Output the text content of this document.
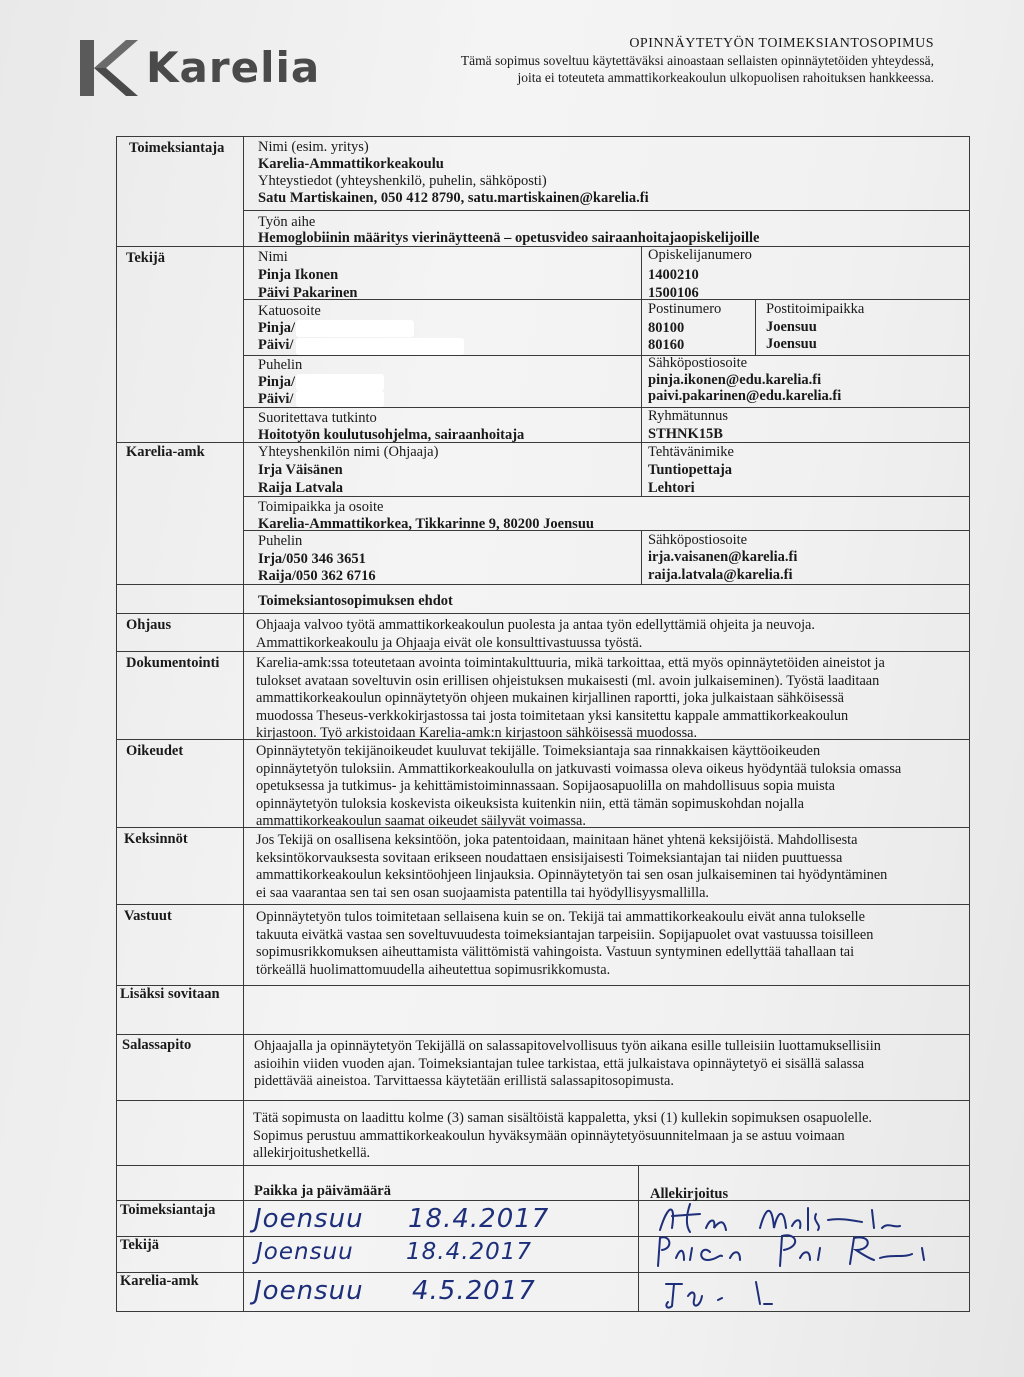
Karelia	OPINNÄYTETYÖN TOIMEKSIANTOSOPIMUS
Tämä sopimus soveltuu käytettäväksi ainoastaan sellaisten opinnäytetöiden yhteydessä,
joita ei toteuteta ammattikorkeakoulun ulkopuolisen rahoituksen hankkeessa.
Toimeksiantaja
Tekijä
Karelia-amk
Ohjaus
Dokumentointi
Oikeudet
Keksinnöt
Vastuut
Lisäksi sovitaan
Salassapito
Nimi (esim. yritys)
Karelia-Ammattikorkeakoulu
Yhteystiedot (yhteyshenkilö, puhelin, sähköposti)
Satu Martiskainen, 050 412 8790, satu.martiskainen@karelia.fi
Työn aihe
Hemoglobiinin määritys vierinäytteenä – opetusvideo sairaanhoitajaopiskelijoille
Nimi
Pinja Ikonen
Päivi Pakarinen
Opiskelijanumero
1400210
1500106
Katuosoite
Pinja/
Päivi/
Postinumero
80100
80160
Postitoimipaikka
Joensuu
Joensuu
Puhelin
Pinja/
Päivi/
Sähköpostiosoite
pinja.ikonen@edu.karelia.fi
paivi.pakarinen@edu.karelia.fi
Suoritettava tutkinto
Hoitotyön koulutusohjelma, sairaanhoitaja
Ryhmätunnus
STHNK15B
Yhteyshenkilön nimi (Ohjaaja)
Irja Väisänen
Raija Latvala
Tehtävänimike
Tuntiopettaja
Lehtori
Toimipaikka ja osoite
Karelia-Ammattikorkea, Tikkarinne 9, 80200 Joensuu
Puhelin
Irja/050 346 3651
Raija/050 362 6716
Sähköpostiosoite
irja.vaisanen@karelia.fi
raija.latvala@karelia.fi
Toimeksiantosopimuksen ehdot
Ohjaaja valvoo työtä ammattikorkeakoulun puolesta ja antaa työn edellyttämiä ohjeita ja neuvoja.
Ammattikorkeakoulu ja Ohjaaja eivät ole konsulttivastuussa työstä.
Karelia-amk:ssa toteutetaan avointa toimintakulttuuria, mikä tarkoittaa, että myös opinnäytetöiden aineistot ja
tulokset avataan soveltuvin osin erillisen ohjeistuksen mukaisesti (ml. avoin julkaiseminen). Työstä laaditaan
ammattikorkeakoulun opinnäytetyön ohjeen mukainen kirjallinen raportti, joka julkaistaan sähköisessä
muodossa Theseus-verkkokirjastossa tai josta toimitetaan yksi kansitettu kappale ammattikorkeakoulun
kirjastoon. Työ arkistoidaan Karelia-amk:n kirjastoon sähköisessä muodossa.
Opinnäytetyön tekijänoikeudet kuuluvat tekijälle. Toimeksiantaja saa rinnakkaisen käyttöoikeuden
opinnäytetyön tuloksiin. Ammattikorkeakoululla on jatkuvasti voimassa oleva oikeus hyödyntää tuloksia omassa
opetuksessa ja tutkimus- ja kehittämistoiminnassaan. Sopijaosapuolilla on mahdollisuus sopia muista
opinnäytetyön tuloksia koskevista oikeuksista kuitenkin niin, että tämän sopimuskohdan nojalla
ammattikorkeakoulun saamat oikeudet säilyvät voimassa.
Jos Tekijä on osallisena keksintöön, joka patentoidaan, mainitaan hänet yhtenä keksijöistä. Mahdollisesta
keksintökorvauksesta sovitaan erikseen noudattaen ensisijaisesti Toimeksiantajan tai niiden puuttuessa
ammattikorkeakoulun keksintöohjeen linjauksia. Opinnäytetyön tai sen osan julkaiseminen tai hyödyntäminen
ei saa vaarantaa sen tai sen osan suojaamista patentilla tai hyödyllisyysmallilla.
Opinnäytetyön tulos toimitetaan sellaisena kuin se on. Tekijä tai ammattikorkeakoulu eivät anna tulokselle
takuuta eivätkä vastaa sen soveltuvuudesta toimeksiantajan tarpeisiin. Sopijapuolet ovat vastuussa toisilleen
sopimusrikkomuksen aiheuttamista välittömistä vahingoista. Vastuun syntyminen edellyttää tahallaan tai
törkeällä huolimattomuudella aiheutettua sopimusrikkomusta.
Ohjaajalla ja opinnäytetyön Tekijällä on salassapitovelvollisuus työn aikana esille tulleisiin luottamuksellisiin
asioihin viiden vuoden ajan. Toimeksiantajan tulee tarkistaa, että julkaistava opinnäytetyö ei sisällä salassa
pidettävää aineistoa. Tarvittaessa käytetään erillistä salassapitosopimusta.
Tätä sopimusta on laadittu kolme (3) saman sisältöistä kappaletta, yksi (1) kullekin sopimuksen osapuolelle.
Sopimus perustuu ammattikorkeakoulun hyväksymään opinnäytetyösuunnitelmaan ja se astuu voimaan
allekirjoitushetkellä.
Paikka ja päivämäärä	Allekirjoitus
Toimeksiantaja
Tekijä
Karelia-amk
Joensuu 18.4.2017
Joensuu 18.4.2017
Joensuu 4.5.2017
